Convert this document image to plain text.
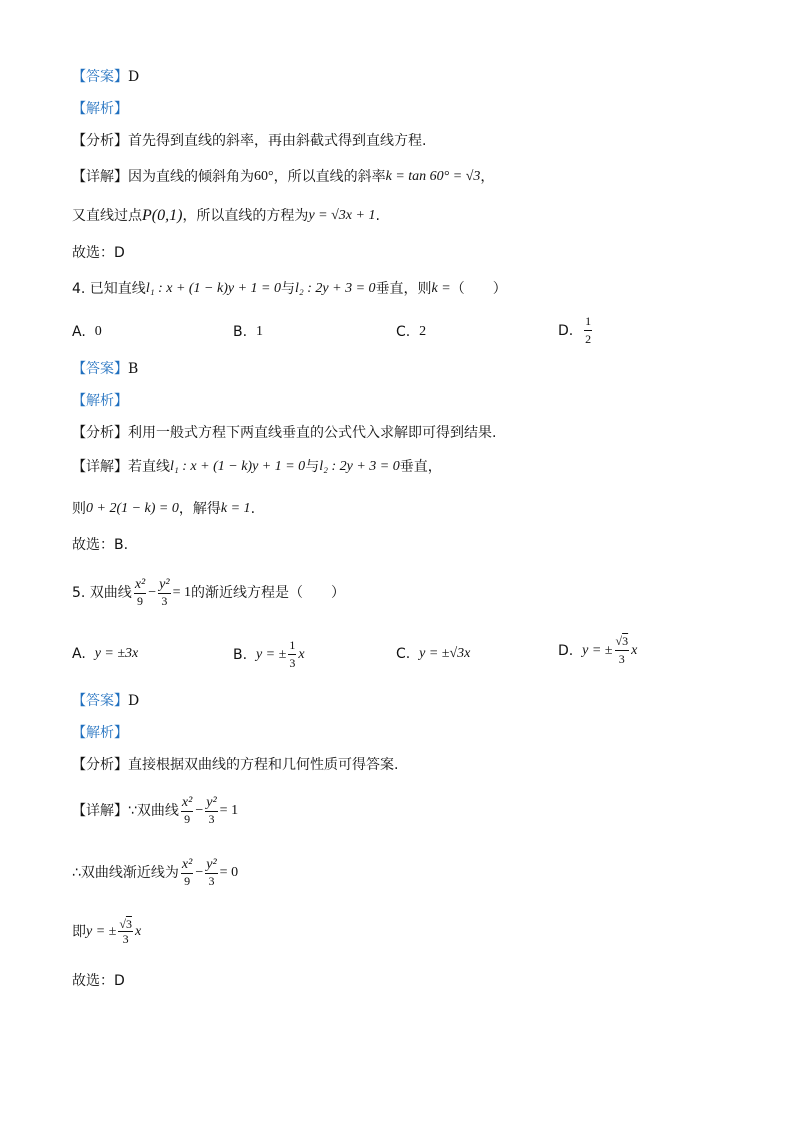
【答案】 D
【解析】
【分析】 首先得到直线的斜率，再由斜截式得到直线方程.
【详解】 因为直线的倾斜角为 60° ，所以直线的斜率 k = tan 60° = √3 ，
又直线过点 P(0,1) ，所以直线的方程为 y = √3x + 1 .
故选：D
4. 已知直线 l₁ : x + (1 − k)y + 1 = 0 与 l₂ : 2y + 3 = 0 垂直，则 k = （　　）
A.
0	B.
1	C.
2	D.
$\frac{1}{2}$
【答案】 B
【解析】
【分析】 利用一般式方程下两直线垂直的公式代入求解即可得到结果.
【详解】 若直线 l₁ : x + (1 − k)y + 1 = 0 与 l₂ : 2y + 3 = 0 垂直，
则 0 + 2(1 − k) = 0 ，解得 k = 1 .
故选：B.
5. 双曲线 $\frac{\text{x²}}{9} - \frac{\text{y²}}{3} = 1$ 的渐近线方程是（　　）
A.
y = ±3x	B.
y = ± $\frac{1}{3}$ x	C.
y = ±√3x	D.
y = ± $\frac{√3}{3}$ x
【答案】 D
【解析】
【分析】 直接根据双曲线的方程和几何性质可得答案.
【详解】 ∵双曲线 $\frac{\text{x²}}{9} - \frac{\text{y²}}{3} = 1$
∴双曲线渐近线为 $\frac{\text{x²}}{9} - \frac{\text{y²}}{3} = 0$
即 y = ± $\frac{√3}{3}$ x
故选：D
